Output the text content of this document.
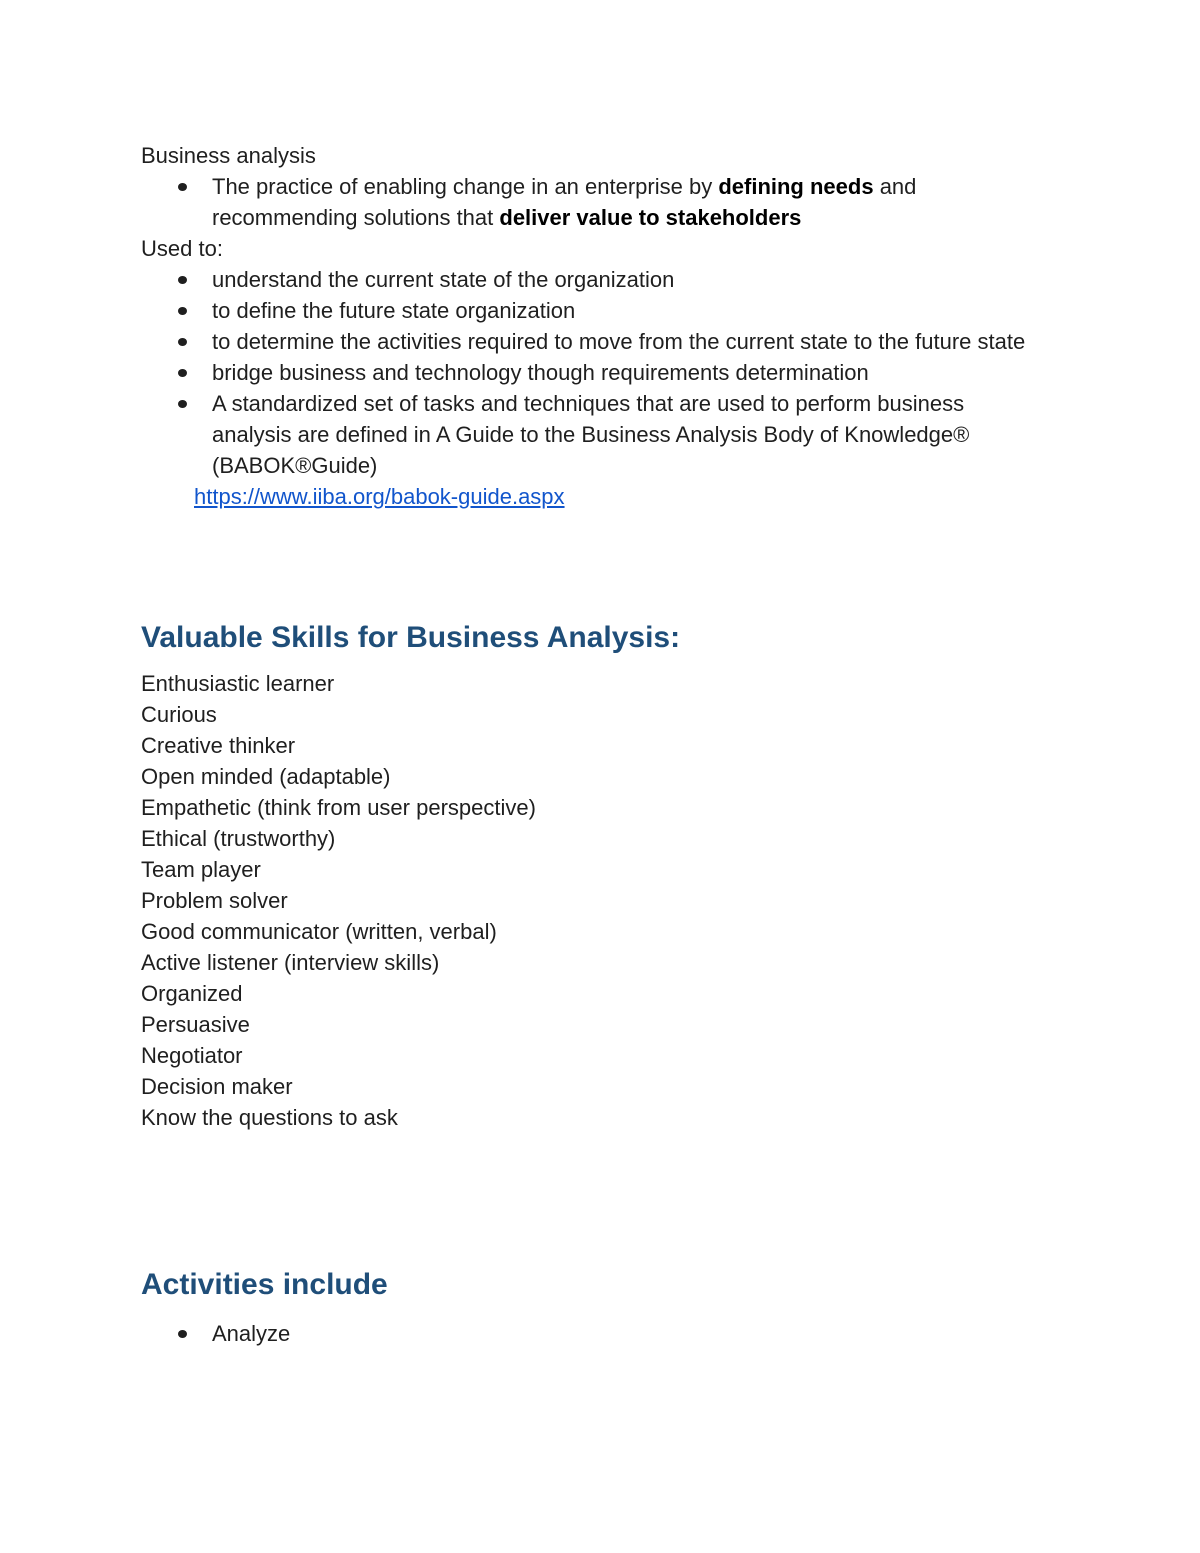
Business analysis

The practice of enabling change in an enterprise by defining needs and recommending solutions that deliver value to stakeholders

Used to:

understand the current state of the organization
to define the future state organization
to determine the activities required to move from the current state to the future state
bridge business and technology though requirements determination
A standardized set of tasks and techniques that are used to perform business analysis are defined in A Guide to the Business Analysis Body of Knowledge® (BABOK®Guide)

https://www.iiba.org/babok-guide.aspx

Valuable Skills for Business Analysis:

Enthusiastic learner

Curious

Creative thinker

Open minded (adaptable)

Empathetic (think from user perspective)

Ethical (trustworthy)

Team player

Problem solver

Good communicator (written, verbal)

Active listener (interview skills)

Organized

Persuasive

Negotiator

Decision maker

Know the questions to ask

Activities include
Analyze
